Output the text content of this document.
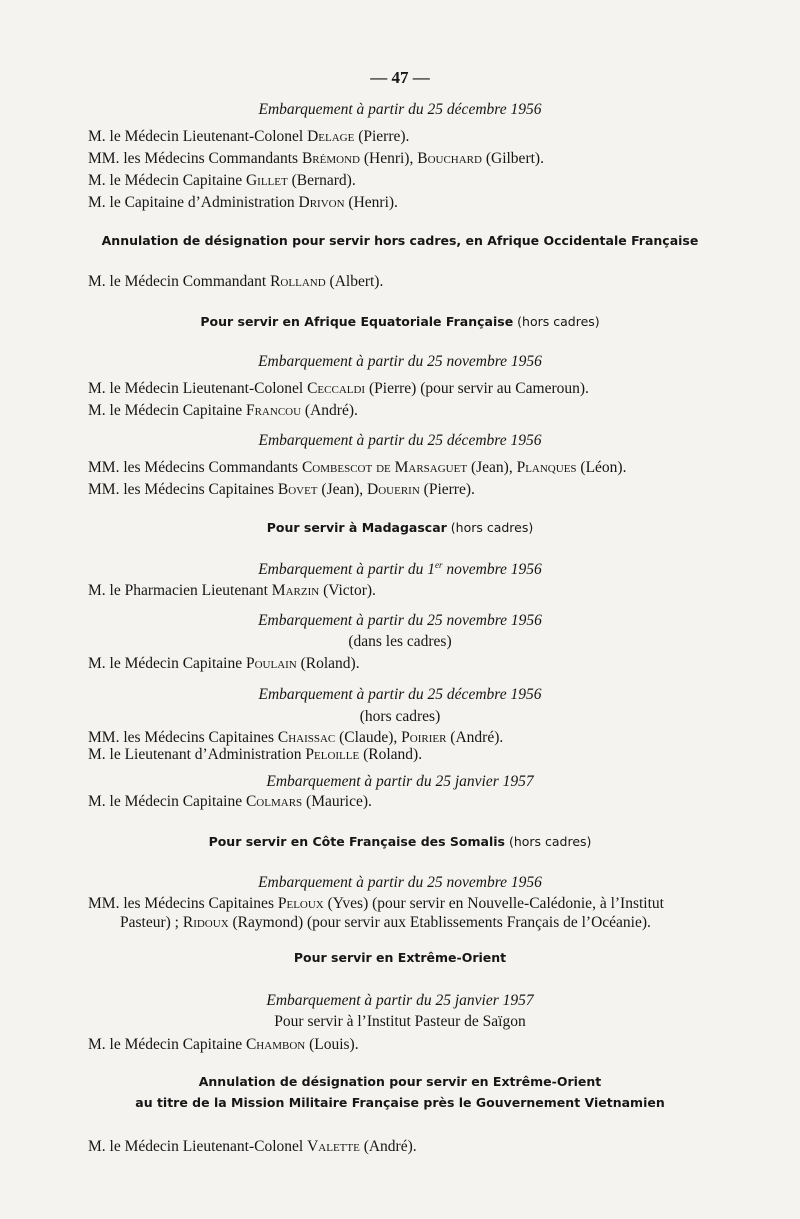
— 47 —
Embarquement à partir du 25 décembre 1956
M. le Médecin Lieutenant-Colonel Delage (Pierre).
MM. les Médecins Commandants Brémond (Henri), Bouchard (Gilbert).
M. le Médecin Capitaine Gillet (Bernard).
M. le Capitaine d’Administration Drivon (Henri).
Annulation de désignation pour servir hors cadres, en Afrique Occidentale Française
M. le Médecin Commandant Rolland (Albert).
Pour servir en Afrique Equatoriale Française (hors cadres)
Embarquement à partir du 25 novembre 1956
M. le Médecin Lieutenant-Colonel Ceccaldi (Pierre) (pour servir au Cameroun).
M. le Médecin Capitaine Francou (André).
Embarquement à partir du 25 décembre 1956
MM. les Médecins Commandants Combescot de Marsaguet (Jean), Planques (Léon).
MM. les Médecins Capitaines Bovet (Jean), Douerin (Pierre).
Pour servir à Madagascar (hors cadres)
Embarquement à partir du 1er novembre 1956
M. le Pharmacien Lieutenant Marzin (Victor).
Embarquement à partir du 25 novembre 1956
(dans les cadres)
M. le Médecin Capitaine Poulain (Roland).
Embarquement à partir du 25 décembre 1956
(hors cadres)
MM. les Médecins Capitaines Chaissac (Claude), Poirier (André).
M. le Lieutenant d’Administration Peloille (Roland).
Embarquement à partir du 25 janvier 1957
M. le Médecin Capitaine Colmars (Maurice).
Pour servir en Côte Française des Somalis (hors cadres)
Embarquement à partir du 25 novembre 1956
MM. les Médecins Capitaines Peloux (Yves) (pour servir en Nouvelle-Calédonie, à l’Institut
Pasteur) ; Ridoux (Raymond) (pour servir aux Etablissements Français de l’Océanie).
Pour servir en Extrême-Orient
Embarquement à partir du 25 janvier 1957
Pour servir à l’Institut Pasteur de Saïgon
M. le Médecin Capitaine Chambon (Louis).
Annulation de désignation pour servir en Extrême-Orient
au titre de la Mission Militaire Française près le Gouvernement Vietnamien
M. le Médecin Lieutenant-Colonel Valette (André).
